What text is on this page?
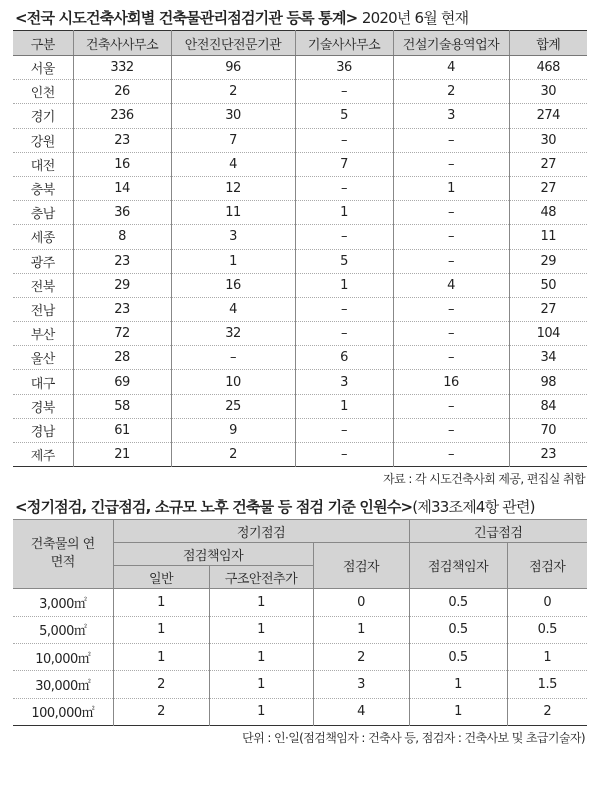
<전국 시도건축사회별 건축물관리점검기관 등록 통계> 2020년 6월 현재
구분	건축사사무소	안전진단전문기관	기술사사무소	건설기술용역업자	합계
서울	332	96	36	4	468
인천	26	2	–	2	30
경기	236	30	5	3	274
강원	23	7	–	–	30
대전	16	4	7	–	27
충북	14	12	–	1	27
충남	36	11	1	–	48
세종	8	3	–	–	11
광주	23	1	5	–	29
전북	29	16	1	4	50
전남	23	4	–	–	27
부산	72	32	–	–	104
울산	28	–	6	–	34
대구	69	10	3	16	98
경북	58	25	1	–	84
경남	61	9	–	–	70
제주	21	2	–	–	23
자료 : 각 시도건축사회 제공, 편집실 취합
<정기점검, 긴급점검, 소규모 노후 건축물 등 점검 기준 인원수>(제33조제4항 관련)
건축물의 연면적	정기점검			긴급점검	
	점검책임자		점검자	점검책임자	점검자
	일반	구조안전추가			
3,000㎡	1	1	0	0.5	0
5,000㎡	1	1	1	0.5	0.5
10,000㎡	1	1	2	0.5	1
30,000㎡	2	1	3	1	1.5
100,000㎡	2	1	4	1	2
단위 : 인·일(점검책임자 : 건축사 등, 점검자 : 건축사보 및 초급기술자)
